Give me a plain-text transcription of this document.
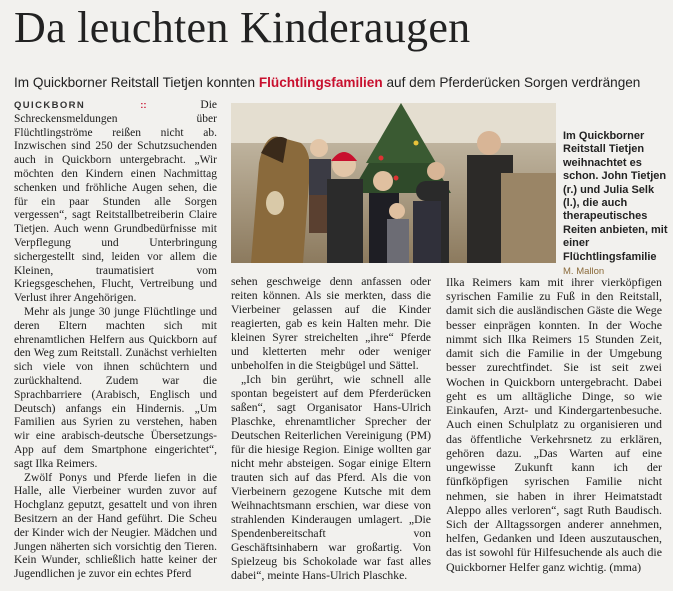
Da leuchten Kinderaugen
Im Quickborner Reitstall Tietjen konnten Flüchtlingsfamilien auf dem Pferderücken Sorgen verdrängen

QUICKBORN	:: Die Schreckensmeldungen über Flüchtlingströme reißen nicht ab. Inzwischen sind 250 der Schutzsuchenden auch in Quickborn untergebracht. „Wir möchten den Kindern einen Nachmittag schenken und fröhliche Augen sehen, die für ein paar Stunden alle Sorgen vergessen“, sagt Reitstallbetreiberin Claire Tietjen. Auch wenn Grundbedürfnisse mit Verpflegung und Unterbringung sichergestellt sind, leiden vor allem die Kleinen, traumatisiert vom Kriegsgeschehen, Flucht, Vertreibung und Verlust ihrer Angehörigen.

Mehr als junge 30 junge Flüchtlinge und deren Eltern machten sich mit ehrenamtlichen Helfern aus Quickborn auf den Weg zum Reitstall. Zunächst verhielten sich viele von ihnen schüchtern und zurückhaltend. Zudem war die Sprachbarriere (Arabisch, Englisch und Deutsch) anfangs ein Hindernis. „Um Familien aus Syrien zu verstehen, haben wir eine arabisch-deutsche Übersetzungs-App auf dem Smartphone eingerichtet“, sagt Ilka Reimers.

Zwölf Ponys und Pferde liefen in die Halle, alle Vierbeiner wurden zuvor auf Hochglanz geputzt, gesattelt und von ihren Besitzern an der Hand geführt. Die Scheu der Kinder wich der Neugier. Mädchen und Jungen näherten sich vorsichtig den Tieren. Kein Wunder, schließlich hatte keiner der Jugendlichen je zuvor ein echtes Pferd

Im Quickborner Reitstall Tietjen weihnachtet es schon. John Tietjen (r.) und Julia Selk (l.), die auch therapeutisches Reiten anbieten, mit einer Flüchtlingsfamilie
M. Mallon

sehen geschweige denn anfassen oder reiten können. Als sie merkten, dass die Vierbeiner gelassen auf die Kinder reagierten, gab es kein Halten mehr. Die kleinen Syrer streichelten „ihre“ Pferde und kletterten mehr oder weniger unbeholfen in die Steigbügel und Sättel.

„Ich bin gerührt, wie schnell alle spontan begeistert auf dem Pferderücken saßen“, sagt Organisator Hans-Ulrich Plaschke, ehrenamtlicher Sprecher der Deutschen Reiterlichen Vereinigung (PM) für die hiesige Region. Einige wollten gar nicht mehr absteigen. Sogar einige Eltern trauten sich auf das Pferd. Als die von Vierbeinern gezogene Kutsche mit dem Weihnachtsmann erschien, war diese von strahlenden Kinderaugen umlagert. „Die Spendenbereitschaft von Geschäftsinhabern war großartig. Von Spielzeug bis Schokolade war fast alles dabei“, meinte Hans-Ulrich Plaschke.

Ilka Reimers kam mit ihrer vierköpfigen syrischen Familie zu Fuß in den Reitstall, damit sich die ausländischen Gäste die Wege besser einprägen konnten. In der Woche nimmt sich Ilka Reimers 15 Stunden Zeit, damit sich die Familie in der Umgebung besser zurechtfindet. Sie ist seit zwei Wochen in Quickborn untergebracht. Dabei geht es um alltägliche Dinge, so wie Einkaufen, Arzt- und Kindergartenbesuche. Auch einen Schulplatz zu organisieren und das öffentliche Verkehrsnetz zu erklären, gehören dazu. „Das Warten auf eine ungewisse Zukunft kann ich der fünfköpfigen syrischen Familie nicht nehmen, sie haben in ihrer Heimatstadt Aleppo alles verloren“, sagt Ruth Baudisch. Sich der Alltagssorgen anderer annehmen, helfen, Gedanken und Ideen auszutauschen, das ist sowohl für Hilfesuchende als auch die Quickborner Helfer ganz wichtig. (mma)
